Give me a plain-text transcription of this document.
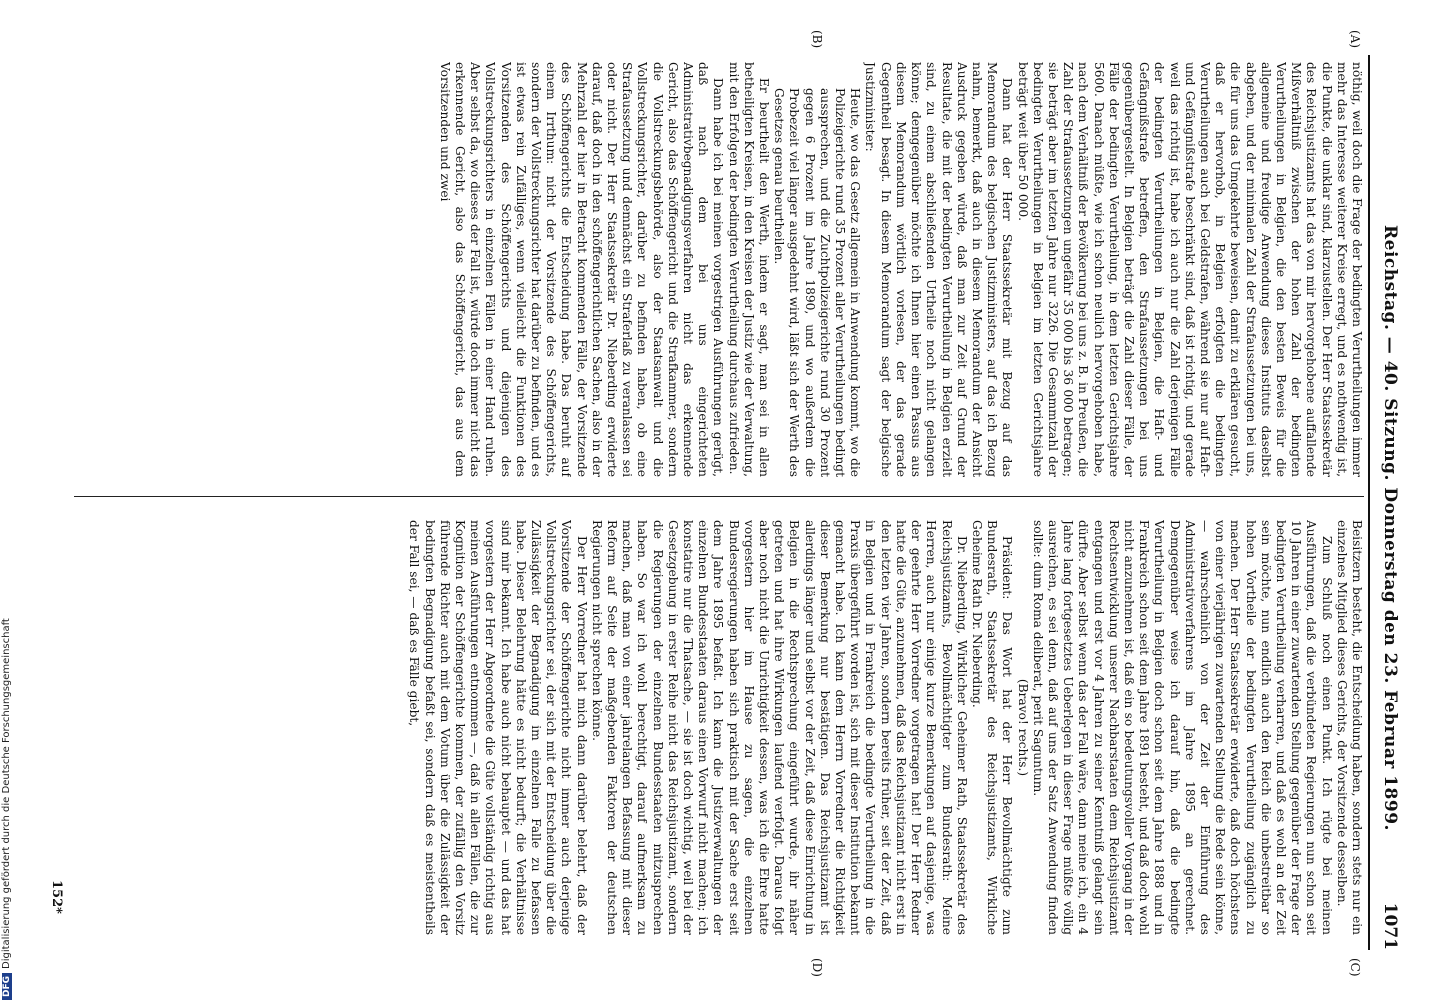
Reichstag. — 40. Sitzung. Donnerstag den 23. Februar 1899.
1071
(A)
(B)
(C)
(D)

nöthig, weil doch die Frage der bedingten Verurtheilungen immer mehr das Interesse weiterer Kreise erregt, und es nothwendig ist, die Punkte, die unklar sind, klarzustellen. Der Herr Staatssekretär des Reichsjustizamts hat das von mir hervorgehobene auffallende Mißverhältniß zwischen der hohen Zahl der bedingten Verurtheilungen in Belgien, die den besten Beweis für die allgemeine und freudige Anwendung dieses Instituts daselbst abgeben, und der minimalen Zahl der Strafaussetzungen bei uns, die für uns das Umgekehrte beweisen, damit zu erklären gesucht, daß er hervorhob, in Belgien erfolgten die bedingten Verurtheilungen auch bei Geldstrafen, während sie nur auf Haft- und Gefängnißstrafe beschränkt sind, daß ist richtig, und gerade weil das richtig ist, habe ich auch nur die Zahl derjenigen Fälle der bedingten Verurtheilungen in Belgien, die Haft- und Gefängnißstrafe betreffen, den Strafaussetzungen bei uns gegenübergestellt. In Belgien beträgt die Zahl dieser Fälle, der Fälle der bedingten Verurtheilung, in dem letzten Gerichtsjahre 5600. Danach müßte, wie ich schon neulich hervorgehoben habe, nach dem Verhältniß der Bevölkerung bei uns z. B. in Preußen, die Zahl der Strafaussetzungen ungefähr 35 000 bis 36 000 betragen; sie beträgt aber im letzten Jahre nur 3226. Die Gesammtzahl der bedingten Verurtheilungen in Belgien im letzten Gerichtsjahre beträgt weit über 50 000.

Dann hat der Herr Staatssekretär mit Bezug auf das Memorandum des belgischen Justizministers, auf das ich Bezug nahm, bemerkt, daß auch in diesem Memorandum der Ansicht Ausdruck gegeben würde, daß man zur Zeit auf Grund der Resultate, die mit der bedingten Verurtheilung in Belgien erzielt sind, zu einem abschließenden Urtheile noch nicht gelangen könne; demgegenüber möchte ich Ihnen hier einen Passus aus diesem Memorandum wörtlich vorlesen, der das gerade Gegentheil besagt. In diesem Memorandum sagt der belgische Justizminister:

Heute, wo das Gesetz allgemein in Anwendung kommt, wo die Polizeigerichte rund 35 Prozent aller Verurtheilungen bedingt aussprechen, und die Zuchtpolizeigerichte rund 30 Prozent gegen 6 Prozent im Jahre 1890, und wo außerdem die Probezeit viel länger ausgedehnt wird, läßt sich der Werth des Gesetzes genau beurtheilen.

Er beurtheilt den Werth, indem er sagt, man sei in allen betheiligten Kreisen, in den Kreisen der Justiz wie der Verwaltung, mit den Erfolgen der bedingten Verurtheilung durchaus zufrieden.

Dann habe ich bei meinen vorgestrigen Ausführungen gerügt, daß nach dem bei uns eingerichteten Administrativbegnadigungsverfahren nicht das erkennende Gericht, also das Schöffengericht und die Strafkammer, sondern die Vollstreckungsbehörde, also der Staatsanwalt und die Vollstreckungsrichter, darüber zu befinden haben, ob eine Strafaussetzung und demnächst ein Straferlaß zu veranlassen sei oder nicht. Der Herr Staatssekretär Dr. Nieberding erwiderte darauf, daß doch in den schöffengerichtlichen Sachen, also in der Mehrzahl der hier in Betracht kommenden Fälle, der Vorsitzende des Schöffengerichts die Entscheidung habe. Das beruht auf einem Irrthum: nicht der Vorsitzende des Schöffengerichts, sondern der Vollstreckungsrichter hat darüber zu befinden, und es ist etwas rein Zufälliges, wenn vielleicht die Funktionen des Vorsitzenden des Schöffengerichts und diejenigen des Vollstreckungsrichters in einzelnen Fällen in einer Hand ruhen. Aber selbst da, wo dieses der Fall ist, würde doch immer nicht das erkennende Gericht, also das Schöffengericht, das aus dem Vorsitzenden und zwei

Beisitzern besteht, die Entscheidung haben, sondern stets nur ein einzelnes Mitglied dieses Gerichts, der Vorsitzende desselben.

Zum Schluß noch einen Punkt. Ich rügte bei meinen Ausführungen, daß die verbündeten Regierungen nun schon seit 10 Jahren in einer zuwartenden Stellung gegenüber der Frage der bedingten Verurtheilung verharren, und daß es wohl an der Zeit sein möchte, nun endlich auch den Reich die unbestreitbar so hohen Vortheile der bedingten Verurtheilung zugänglich zu machen. Der Herr Staatssekretär erwiderte, daß doch höchstens von einer vierjährigen zuwartenden Stellung die Rede sein könne, — wahrscheinlich von der Zeit der Einführung des Administrativverfahrens im Jahre 1895 an gerechnet. Demgegenüber weise ich darauf hin, daß die bedingte Verurtheilung in Belgien doch schon seit dem Jahre 1888 und in Frankreich schon seit dem Jahre 1891 besteht, und daß doch wohl nicht anzunehmen ist, daß ein so bedeutungsvoller Vorgang in der Rechtsentwicklung unserer Nachbarstaaten dem Reichsjustizamt entgangen und erst vor 4 Jahren zu seiner Kenntniß gelangt sein dürfte. Aber selbst wenn das der Fall wäre, dann meine ich, ein 4 Jahre lang fortgesetztes Ueberlegen in dieser Frage müßte völlig ausreichen, es sei denn, daß auf uns der Satz Anwendung finden sollte: dum Roma deliberat, perit Saguntum.

(Bravo! rechts.)

Präsident: Das Wort hat der Herr Bevollmächtigte zum Bundesrath, Staatssekretär des Reichsjustizamts, Wirkliche Geheime Rath Dr. Nieberding.

Dr. Nieberding, Wirklicher Geheimer Rath, Staatssekretär des Reichsjustizamts, Bevollmächtigter zum Bundesrath: Meine Herren, auch nur einige kurze Bemerkungen auf dasjenige, was der geehrte Herr Vorredner vorgetragen hat! Der Herr Redner hatte die Güte, anzunehmen, daß das Reichsjustizamt nicht erst in den letzten vier Jahren, sondern bereits früher, seit der Zeit, daß in Belgien und in Frankreich die bedingte Verurtheilung in die Praxis übergeführt worden ist, sich mit dieser Institution bekannt gemacht habe. Ich kann dem Herrn Vorredner die Richtigkeit dieser Bemerkung nur bestätigen. Das Reichsjustizamt ist allerdings länger und selbst vor der Zeit, daß diese Einrichtung in Belgien in die Rechtsprechung eingeführt wurde, ihr näher getreten und hat ihre Wirkungen laufend verfolgt. Daraus folgt aber noch nicht die Unrichtigkeit dessen, was ich die Ehre hatte vorgestern hier im Hause zu sagen, die einzelnen Bundesregierungen haben sich praktisch mit der Sache erst seit dem Jahre 1895 befaßt. Ich kann die Justizverwaltungen der einzelnen Bundesstaaten daraus einen Vorwurf nicht machen; ich konstatire nur die Thatsache, — sie ist doch wichtig, weil bei der Gesetzgebung in erster Reihe nicht das Reichsjustizamt, sondern die Regierungen der einzelnen Bundesstaaten mitzusprechen haben. So war ich wohl berechtigt, darauf aufmerksam zu machen, daß man von einer jahrelangen Befassung mit dieser Reform auf Seite der maßgebenden Faktoren der deutschen Regierungen nicht sprechen könne.

Der Herr Vorredner hat mich dann darüber belehrt, daß der Vorsitzende der Schöffengerichte nicht immer auch derjenige Vollstreckungsrichter sei, der sich mit der Entscheidung über die Zulässigkeit der Begnadigung im einzelnen Falle zu befassen habe. Dieser Belehrung hätte es nicht bedurft; die Verhältnisse sind mir bekannt. Ich habe auch nicht behauptet — und das hat vorgestern der Herr Abgeordnete die Güte vollständig richtig aus meinen Ausführungen entnommen —, daß in allen Fällen, die zur Kognition der Schöffengerichte kommen, der zufällig den Vorsitz führende Richter auch mit dem Votum über die Zulässigkeit der bedingten Begnadigung befaßt sei, sondern daß es meistentheils der Fall sei, — daß es Fälle giebt,

152*
DFGDigitalisierung gefördert durch die Deutsche Forschungsgemeinschaft
